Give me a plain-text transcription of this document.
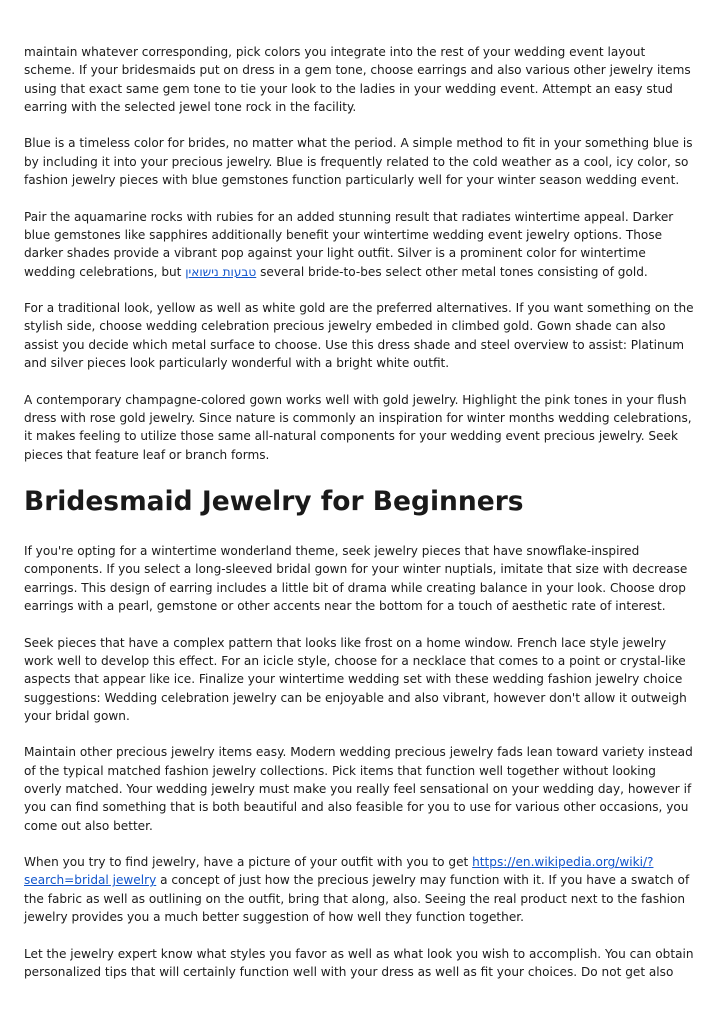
maintain whatever corresponding, pick colors you integrate into the rest of your wedding event layout scheme. If your bridesmaids put on dress in a gem tone, choose earrings and also various other jewelry items using that exact same gem tone to tie your look to the ladies in your wedding event. Attempt an easy stud earring with the selected jewel tone rock in the facility.

Blue is a timeless color for brides, no matter what the period. A simple method to fit in your something blue is by including it into your precious jewelry. Blue is frequently related to the cold weather as a cool, icy color, so fashion jewelry pieces with blue gemstones function particularly well for your winter season wedding event.

Pair the aquamarine rocks with rubies for an added stunning result that radiates wintertime appeal. Darker blue gemstones like sapphires additionally benefit your wintertime wedding event jewelry options. Those darker shades provide a vibrant pop against your light outfit. Silver is a prominent color for wintertime wedding celebrations, but טבעות נישואין several bride-to-bes select other metal tones consisting of gold.

For a traditional look, yellow as well as white gold are the preferred alternatives. If you want something on the stylish side, choose wedding celebration precious jewelry embeded in climbed gold. Gown shade can also assist you decide which metal surface to choose. Use this dress shade and steel overview to assist: Platinum and silver pieces look particularly wonderful with a bright white outfit.

A contemporary champagne-colored gown works well with gold jewelry. Highlight the pink tones in your flush dress with rose gold jewelry. Since nature is commonly an inspiration for winter months wedding celebrations, it makes feeling to utilize those same all-natural components for your wedding event precious jewelry. Seek pieces that feature leaf or branch forms.

Bridesmaid Jewelry for Beginners

If you're opting for a wintertime wonderland theme, seek jewelry pieces that have snowflake-inspired components. If you select a long-sleeved bridal gown for your winter nuptials, imitate that size with decrease earrings. This design of earring includes a little bit of drama while creating balance in your look. Choose drop earrings with a pearl, gemstone or other accents near the bottom for a touch of aesthetic rate of interest.

Seek pieces that have a complex pattern that looks like frost on a home window. French lace style jewelry work well to develop this effect. For an icicle style, choose for a necklace that comes to a point or crystal-like aspects that appear like ice. Finalize your wintertime wedding set with these wedding fashion jewelry choice suggestions: Wedding celebration jewelry can be enjoyable and also vibrant, however don't allow it outweigh your bridal gown.

Maintain other precious jewelry items easy. Modern wedding precious jewelry fads lean toward variety instead of the typical matched fashion jewelry collections. Pick items that function well together without looking overly matched. Your wedding jewelry must make you really feel sensational on your wedding day, however if you can find something that is both beautiful and also feasible for you to use for various other occasions, you come out also better.

When you try to find jewelry, have a picture of your outfit with you to get https://en.wikipedia.org/wiki/?search=bridal jewelry a concept of just how the precious jewelry may function with it. If you have a swatch of the fabric as well as outlining on the outfit, bring that along, also. Seeing the real product next to the fashion jewelry provides you a much better suggestion of how well they function together.

Let the jewelry expert know what styles you favor as well as what look you wish to accomplish. You can obtain personalized tips that will certainly function well with your dress as well as fit your choices. Do not get also
